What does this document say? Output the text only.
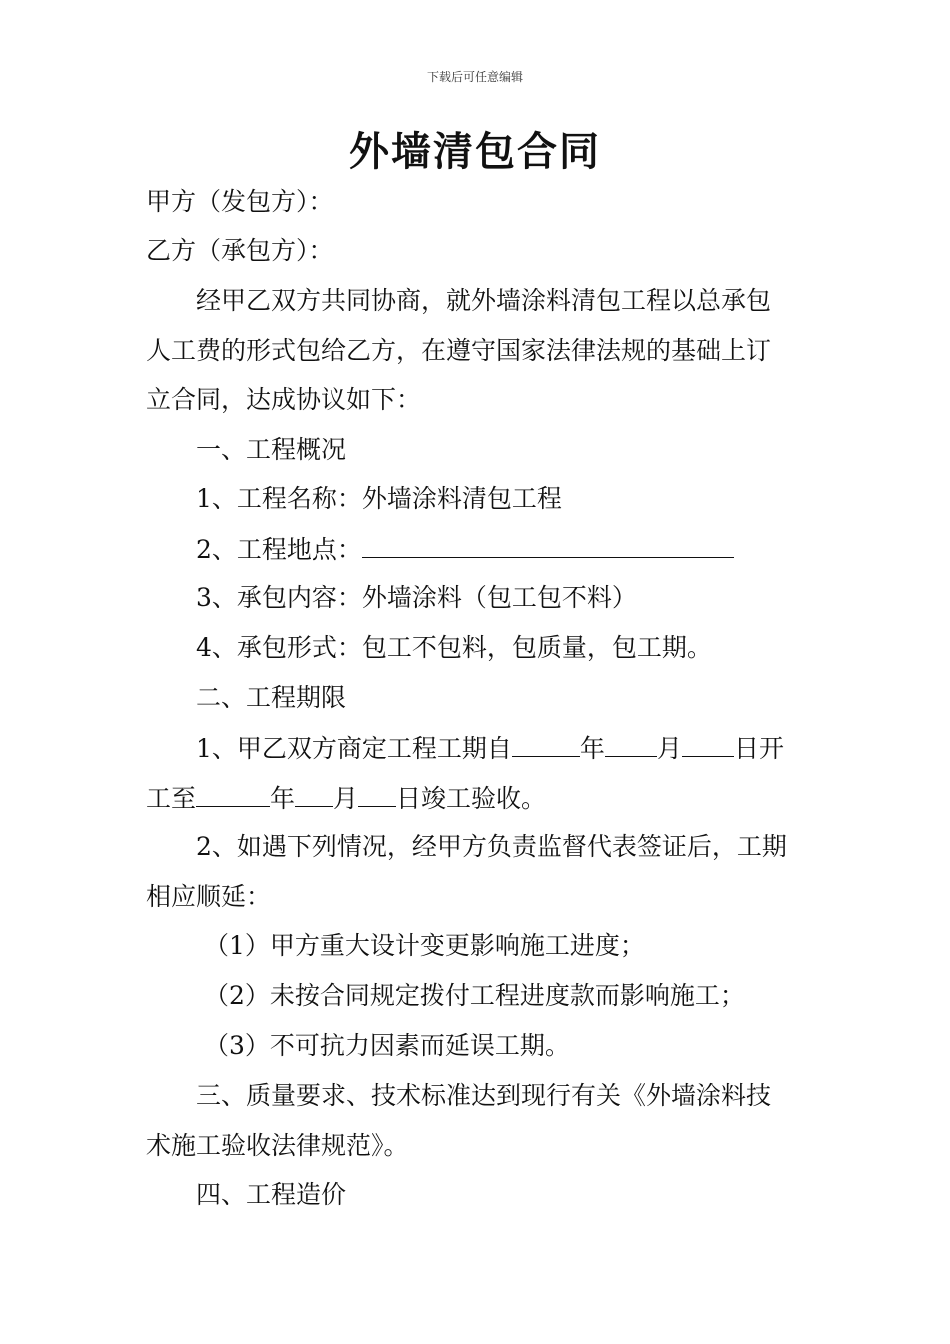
下载后可任意编辑
外墙清包合同
甲方（发包方）：
乙方（承包方）：
经甲乙双方共同协商，就外墙涂料清包工程以总承包
人工费的形式包给乙方，在遵守国家法律法规的基础上订
立合同，达成协议如下：
一、工程概况
1、工程名称：外墙涂料清包工程
2、工程地点：
3、承包内容：外墙涂料（包工包不料）
4、承包形式：包工不包料，包质量，包工期。
二、工程期限
1、甲乙双方商定工程工期自	年 月 日开
工至	年 月 日竣工验收。
2、如遇下列情况，经甲方负责监督代表签证后，工期
相应顺延：
（1）甲方重大设计变更影响施工进度；
（2）未按合同规定拨付工程进度款而影响施工；
（3）不可抗力因素而延误工期。
三、质量要求、技术标准达到现行有关《外墙涂料技
术施工验收法律规范》。
四、工程造价
